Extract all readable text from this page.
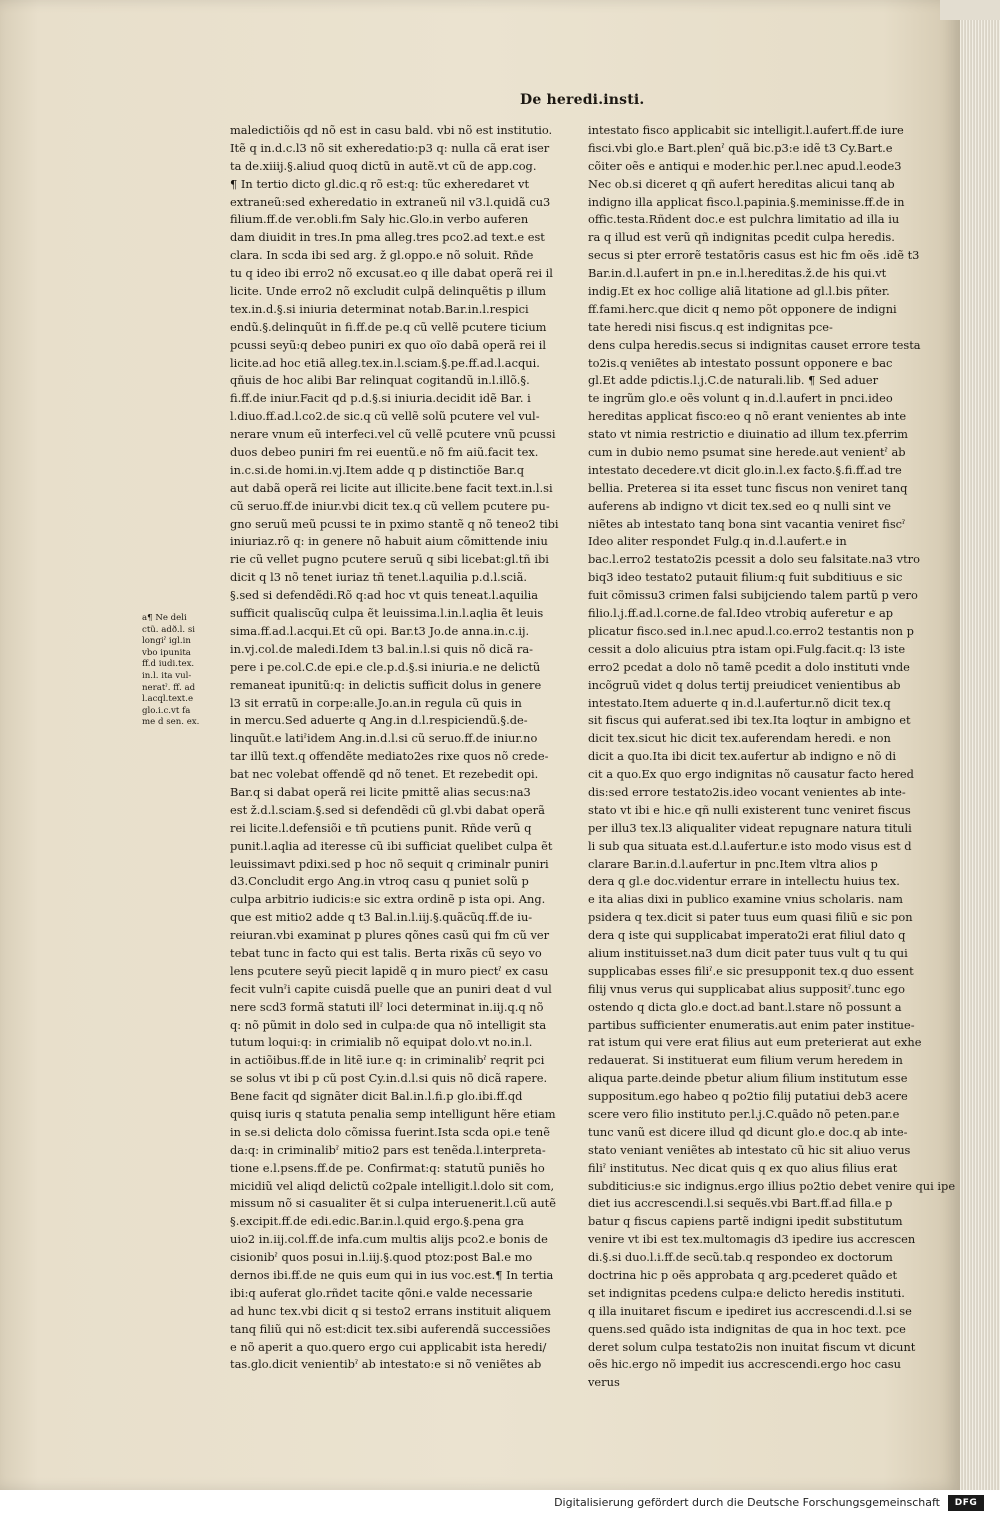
De heredi.insti.
maledictiõis qd nõ est in casu bald. vbi nõ est institutio.
Itẽ q in.d.c.l3 nõ sit exheredatio:p3 q: nulla cã erat iser
ta de.xiiij.§.aliud quoq dictũ in autẽ.vt cũ de app.cog.
¶ In tertio dicto gl.dic.q rõ est:q: tũc exheredaret vt
extraneũ:sed exheredatio in extraneũ nil v3.l.quidã cu3
filium.ff.de ver.obli.fm Saly hic.Glo.in verbo auferen
dam diuidit in tres.In pma alleg.tres pco2.ad text.e est
clara. In scda ibi sed arg. ž gl.oppo.e nõ soluit. Rñde
tu q ideo ibi erro2 nõ excusat.eo q ille dabat operã rei il
licite. Unde erro2 nõ excludit culpã delinquẽtis p illum
tex.in.d.§.si iniuria determinat notab.Bar.in.l.respici
endũ.§.delinquũt in fi.ff.de pe.q cũ vellẽ pcutere ticium
pcussi seyũ:q debeo puniri ex quo oĩo dabã operã rei il
licite.ad hoc etiã alleg.tex.in.l.sciam.§.pe.ff.ad.l.acqui.
qñuis de hoc alibi Bar relinquat cogitandũ in.l.illõ.§.
fi.ff.de iniur.Facit qd p.d.§.si iniuria.decidit idẽ Bar. i
l.diuo.ff.ad.l.co2.de sic.q cũ vellẽ solũ pcutere vel vul-
nerare vnum eũ interfeci.vel cũ vellẽ pcutere vnũ pcussi
duos debeo puniri fm rei euentũ.e nõ fm aiũ.facit tex.
in.c.si.de homi.in.vj.Item adde q p distinctiõe Bar.q
aut dabã operã rei licite aut illicite.bene facit text.in.l.si
cũ seruo.ff.de iniur.vbi dicit tex.q cũ vellem pcutere pu-
gno seruũ meũ pcussi te in pximo stantẽ q nõ teneo2 tibi
iniuriaz.rõ q: in genere nõ habuit aium cõmittende iniu
rie cũ vellet pugno pcutere seruũ q sibi licebat:gl.tñ ibi
dicit q l3 nõ tenet iuriaz tñ tenet.l.aquilia p.d.l.sciã.
§.sed si defendẽdi.Rõ q:ad hoc vt quis teneat.l.aquilia
sufficit qualiscũq culpa ẽt leuissima.l.in.l.aqlia ẽt leuis
sima.ff.ad.l.acqui.Et cũ opi. Bar.t3 Jo.de anna.in.c.ij.
in.vj.col.de maledi.Idem t3 bal.in.l.si quis nõ dicã ra-
pere i pe.col.C.de epi.e cle.p.d.§.si iniuria.e ne delictũ
remaneat ipunitũ:q: in delictis sufficit dolus in genere
l3 sit erratũ in corpe:alle.Jo.an.in regula cũ quis in
in mercu.Sed aduerte q Ang.in d.l.respiciendũ.§.de-
linquũt.e latiˀidem Ang.in.d.l.si cũ seruo.ff.de iniur.no
tar illũ text.q offendẽte mediato2es rixe quos nõ crede-
bat nec volebat offendẽ qd nõ tenet. Et rezebedit opi.
Bar.q si dabat operã rei licite pmittẽ alias secus:na3
est ž.d.l.sciam.§.sed si defendẽdi cũ gl.vbi dabat operã
rei licite.l.defensiõi e tñ pcutiens punit. Rñde verũ q
punit.l.aqlia ad iteresse cũ ibi sufficiat quelibet culpa ẽt
leuissimavt pdixi.sed p hoc nõ sequit q criminalr puniri
d3.Concludit ergo Ang.in vtroq casu q puniet solũ p
culpa arbitrio iudicis:e sic extra ordinẽ p ista opi. Ang.
que est mitio2 adde q t3 Bal.in.l.iij.§.quãcũq.ff.de iu-
reiuran.vbi examinat p plures qõnes casũ qui fm cũ ver
tebat tunc in facto qui est talis. Berta rixãs cũ seyo vo
lens pcutere seyũ piecit lapidẽ q in muro piectˀ ex casu
fecit vulnˀi capite cuisdã puelle que an puniri deat d vul
nere scd3 formã statuti illˀ loci determinat in.iij.q.q nõ
q: nõ pũmit in dolo sed in culpa:de qua nõ intelligit sta
tutum loqui:q: in crimialib nõ equipat dolo.vt no.in.l.
in actiõibus.ff.de in litẽ iur.e q: in criminalibˀ reqrit pci
se solus vt ibi p cũ post Cy.in.d.l.si quis nõ dicã rapere.
Bene facit qd signãter dicit Bal.in.l.fi.p glo.ibi.ff.qd
quisq iuris q statuta penalia semp intelligunt hẽre etiam
in se.si delicta dolo cõmissa fuerint.Ista scda opi.e tenẽ
da:q: in criminalibˀ mitio2 pars est tenẽda.l.interpreta-
tione e.l.psens.ff.de pe. Confirmat:q: statutũ puniẽs ho
micidiũ vel aliqd delictũ co2pale intelligit.l.dolo sit com,
missum nõ si casualiter ẽt si culpa interuenerit.l.cũ autẽ
§.excipit.ff.de edi.edic.Bar.in.l.quid ergo.§.pena gra
uio2 in.iij.col.ff.de infa.cum multis alijs pco2.e bonis de
cisionibˀ quos posui in.l.iij.§.quod ptoz:post Bal.e mo
dernos ibi.ff.de ne quis eum qui in ius voc.est.¶ In tertia
ibi:q auferat glo.rñdet tacite qõni.e valde necessarie
ad hunc tex.vbi dicit q si testo2 errans instituit aliquem
tanq filiũ qui nõ est:dicit tex.sibi auferendã successiões
e nõ aperit a quo.quero ergo cui applicabit ista heredi/
tas.glo.dicit venientibˀ ab intestato:e si nõ veniẽtes ab
intestato fisco applicabit sic intelligit.l.aufert.ff.de iure
fisci.vbi glo.e Bart.plenˀ quã bic.p3:e idẽ t3 Cy.Bart.e
cõiter oẽs e antiqui e moder.hic per.l.nec apud.l.eode3
Nec ob.si diceret q qñ aufert hereditas alicui tanq ab
indigno illa applicat fisco.l.papinia.§.meminisse.ff.de in
offic.testa.Rñdent doc.e est pulchra limitatio ad illa iu
ra q illud est verũ qñ indignitas pcedit culpa heredis.
secus si pter errorẽ testatõris casus est hic fm oẽs .idẽ t3
Bar.in.d.l.aufert in pn.e in.l.hereditas.ž.de his qui.vt
indig.Et ex hoc collige aliã litatione ad gl.l.bis pñter.
ff.fami.herc.que dicit q nemo põt opponere de indigni
tate heredi nisi fiscus.q est indignitas pce-
dens culpa heredis.secus si indignitas causet errore testa
to2is.q veniẽtes ab intestato possunt opponere e bac
gl.Et adde pdictis.l.j.C.de naturali.lib. ¶ Sed aduer
te ingrũm glo.e oẽs volunt q in.d.l.aufert in pnci.ideo
hereditas applicat fisco:eo q nõ erant venientes ab inte
stato vt nimia restrictio e diuinatio ad illum tex.pferrim
cum in dubio nemo psumat sine herede.aut venientˀ ab
intestato decedere.vt dicit glo.in.l.ex facto.§.fi.ff.ad tre
bellia. Preterea si ita esset tunc fiscus non veniret tanq
auferens ab indigno vt dicit tex.sed eo q nulli sint ve
niẽtes ab intestato tanq bona sint vacantia veniret fiscˀ
Ideo aliter respondet Fulg.q in.d.l.aufert.e in
bac.l.erro2 testato2is pcessit a dolo seu falsitate.na3 vtro
biq3 ideo testato2 putauit filium:q fuit subditiuus e sic
fuit cõmissu3 crimen falsi subijciendo talem partũ p vero
filio.l.j.ff.ad.l.corne.de fal.Ideo vtrobiq auferetur e ap
plicatur fisco.sed in.l.nec apud.l.co.erro2 testantis non p
cessit a dolo alicuius ptra istam opi.Fulg.facit.q: l3 iste
erro2 pcedat a dolo nõ tamẽ pcedit a dolo instituti vnde
incõgruũ videt q dolus tertij preiudicet venientibus ab
intestato.Item aduerte q in.d.l.aufertur.nõ dicit tex.q
sit fiscus qui auferat.sed ibi tex.Ita loqtur in ambigno et
dicit tex.sicut hic dicit tex.auferendam heredi. e non
dicit a quo.Ita ibi dicit tex.aufertur ab indigno e nõ di
cit a quo.Ex quo ergo indignitas nõ causatur facto hered
dis:sed errore testato2is.ideo vocant venientes ab inte-
stato vt ibi e hic.e qñ nulli existerent tunc veniret fiscus
per illu3 tex.l3 aliqualiter videat repugnare natura tituli
li sub qua situata est.d.l.aufertur.e isto modo visus est d
clarare Bar.in.d.l.aufertur in pnc.Item vltra alios p
dera q gl.e doc.videntur errare in intellectu huius tex.
e ita alias dixi in publico examine vnius scholaris. nam
psidera q tex.dicit si pater tuus eum quasi filiũ e sic pon
dera q iste qui supplicabat imperato2i erat filiul dato q
alium instituisset.na3 dum dicit pater tuus vult q tu qui
supplicabas esses filiˀ.e sic presupponit tex.q duo essent
filij vnus verus qui supplicabat alius suppositˀ.tunc ego
ostendo q dicta glo.e doct.ad bant.l.stare nõ possunt a
partibus sufficienter enumeratis.aut enim pater institue-
rat istum qui vere erat filius aut eum preterierat aut exhe
redauerat. Si instituerat eum filium verum heredem in
aliqua parte.deinde pbetur alium filium institutum esse
suppositum.ego habeo q po2tio filij putatiui deb3 acere
scere vero filio instituto per.l.j.C.quãdo nõ peten.par.e
tunc vanũ est dicere illud qd dicunt glo.e doc.q ab inte-
stato veniant veniẽtes ab intestato cũ hic sit aliuo verus
filiˀ institutus. Nec dicat quis q ex quo alius filius erat
subditicius:e sic indignus.ergo illius po2tio debet venire qui ipe
diet ius accrescendi.l.si sequẽs.vbi Bart.ff.ad filla.e p
batur q fiscus capiens partẽ indigni ipedit substitutum
venire vt ibi est tex.multomagis d3 ipedire ius accrescen
di.§.si duo.l.i.ff.de secũ.tab.q respondeo ex doctorum
doctrina hic p oẽs approbata q arg.pcederet quãdo et
set indignitas pcedens culpa:e delicto heredis instituti.
q illa inuitaret fiscum e ipediret ius accrescendi.d.l.si se
quens.sed quãdo ista indignitas de qua in hoc text. pce
deret solum culpa testato2is non inuitat fiscum vt dicunt
oẽs hic.ergo nõ impedit ius accrescendi.ergo hoc casu
verus
a¶ Ne deli
ctũ. adð.l. si
longiˀ igl.in
vbo ipunita
ff.d iudi.tex.
in.l. ita vul-
neratˀ. ff. ad
l.acql.text.e
glo.i.c.vt fa
me d sen. ex.
Digitalisierung gefördert durch die Deutsche Forschungsgemeinschaft	DFG
